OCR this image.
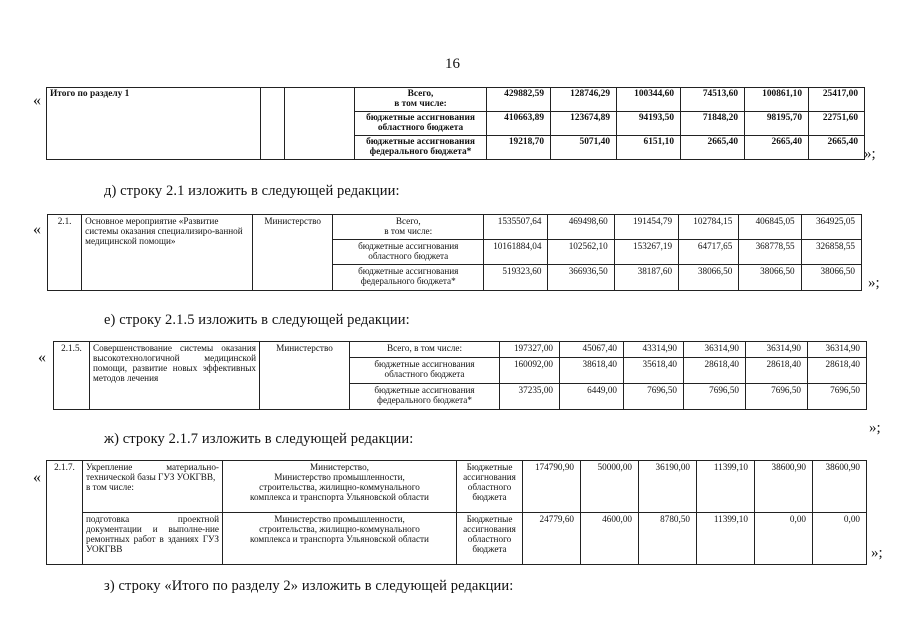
16
« Итого по разделу 1			Всего,
в том числе:	429882,59	128746,29	100344,60	74513,60	100861,10	25417,00
			бюджетные ассигнования
областного бюджета	410663,89	123674,89	94193,50	71848,20	98195,70	22751,60
			бюджетные ассигнования
федерального бюджета*	19218,70	5071,40	6151,10	2665,40	2665,40	2665,40
»;
д) строку 2.1 изложить в следующей редакции:
« 2.1.	Основное мероприятие «Развитие системы оказания специализиро-ванной медицинской помощи»	Министерство	Всего,
в том числе:	1535507,64	469498,60	191454,79	102784,15	406845,05	364925,05
			бюджетные ассигнования
областного бюджета	10161884,04	102562,10	153267,19	64717,65	368778,55	326858,55
			бюджетные ассигнования
федерального бюджета*	519323,60	366936,50	38187,60	38066,50	38066,50	38066,50
»;
е) строку 2.1.5 изложить в следующей редакции:
«
2.1.5.	Совершенствование системы оказания высокотехнологичной медицинской помощи, развитие новых эффективных методов лечения	Министерство	Всего, в том числе:	197327,00	45067,40	43314,90	36314,90	36314,90	36314,90
			бюджетные ассигнования
областного бюджета	160092,00	38618,40	35618,40	28618,40	28618,40	28618,40
			бюджетные ассигнования
федерального бюджета*	37235,00	6449,00	7696,50	7696,50	7696,50	7696,50
»;
ж) строку 2.1.7 изложить в следующей редакции:
«
2.1.7.	Укрепление материально-технической базы ГУЗ УОКГВВ,
в том числе:	Министерство,
Министерство промышленности,
строительства, жилищно-коммунального
комплекса и транспорта Ульяновской области	Бюджетные
ассигнования
областного
бюджета	174790,90	50000,00	36190,00	11399,10	38600,90	38600,90
	подготовка проектной документации и выполне-ние ремонтных работ в зданиях ГУЗ УОКГВВ	Министерство промышленности,
строительства, жилищно-коммунального
комплекса и транспорта Ульяновской области	Бюджетные
ассигнования
областного
бюджета	24779,60	4600,00	8780,50	11399,10	0,00	0,00
»;
з) строку «Итого по разделу 2» изложить в следующей редакции:
